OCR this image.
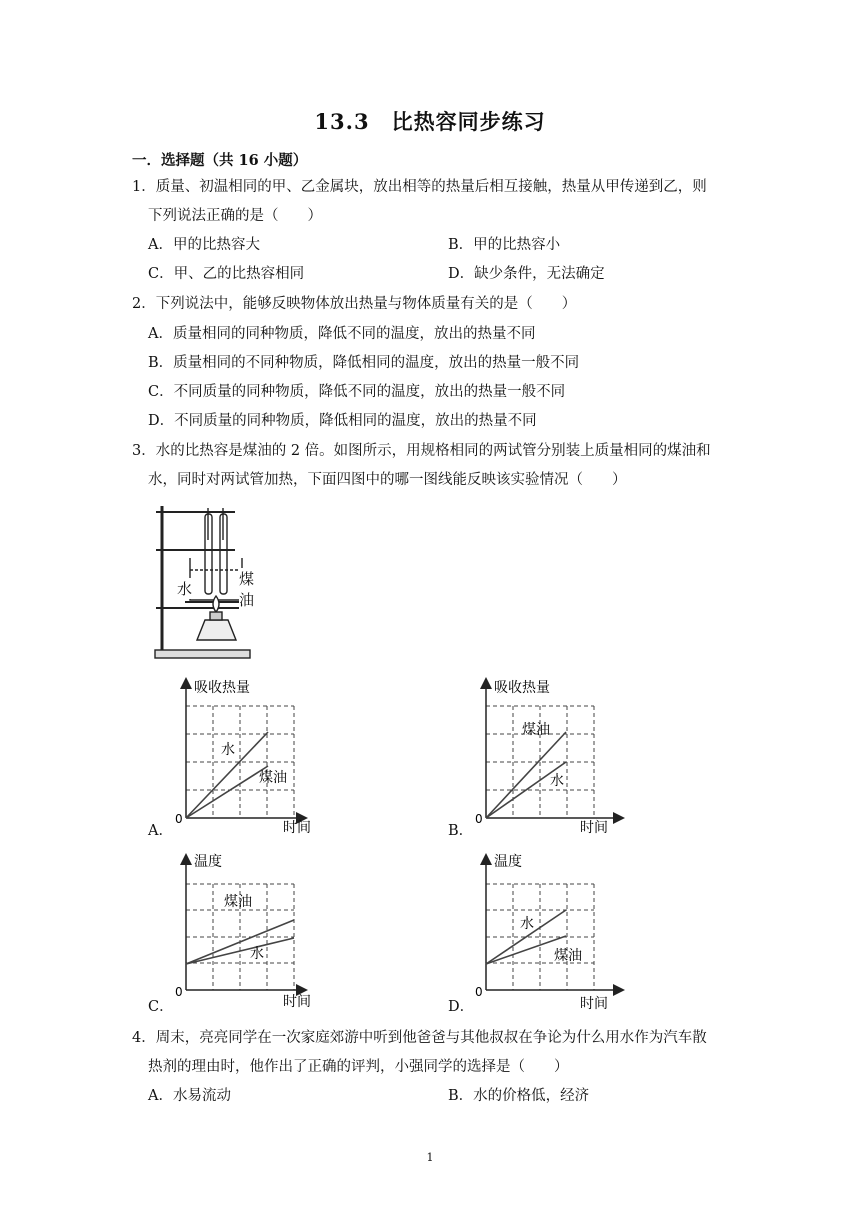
13.3　比热容同步练习
一．选择题（共 16 小题）
1．质量、初温相同的甲、乙金属块，放出相等的热量后相互接触，热量从甲传递到乙，则
下列说法正确的是（　　）
A．甲的比热容大	B．甲的比热容小
C．甲、乙的比热容相同	D．缺少条件，无法确定
2．下列说法中，能够反映物体放出热量与物体质量有关的是（　　）
A．质量相同的同种物质，降低不同的温度，放出的热量不同
B．质量相同的不同种物质，降低相同的温度，放出的热量一般不同
C．不同质量的同种物质，降低不同的温度，放出的热量一般不同
D．不同质量的同种物质，降低相同的温度，放出的热量不同
3．水的比热容是煤油的 2 倍。如图所示，用规格相同的两试管分别装上质量相同的煤油和
水，同时对两试管加热，下面四图中的哪一图线能反映该实验情况（　　）
水
煤
油
A．
吸收热量
时间
0
水
煤油
B．
吸收热量
时间
0
煤油
水
C．
温度
时间
0
煤油
水
D．
温度
时间
0
水
煤油
4．周末，亮亮同学在一次家庭郊游中听到他爸爸与其他叔叔在争论为什么用水作为汽车散
热剂的理由时，他作出了正确的评判，小强同学的选择是（　　）
A．水易流动	B．水的价格低，经济
1
